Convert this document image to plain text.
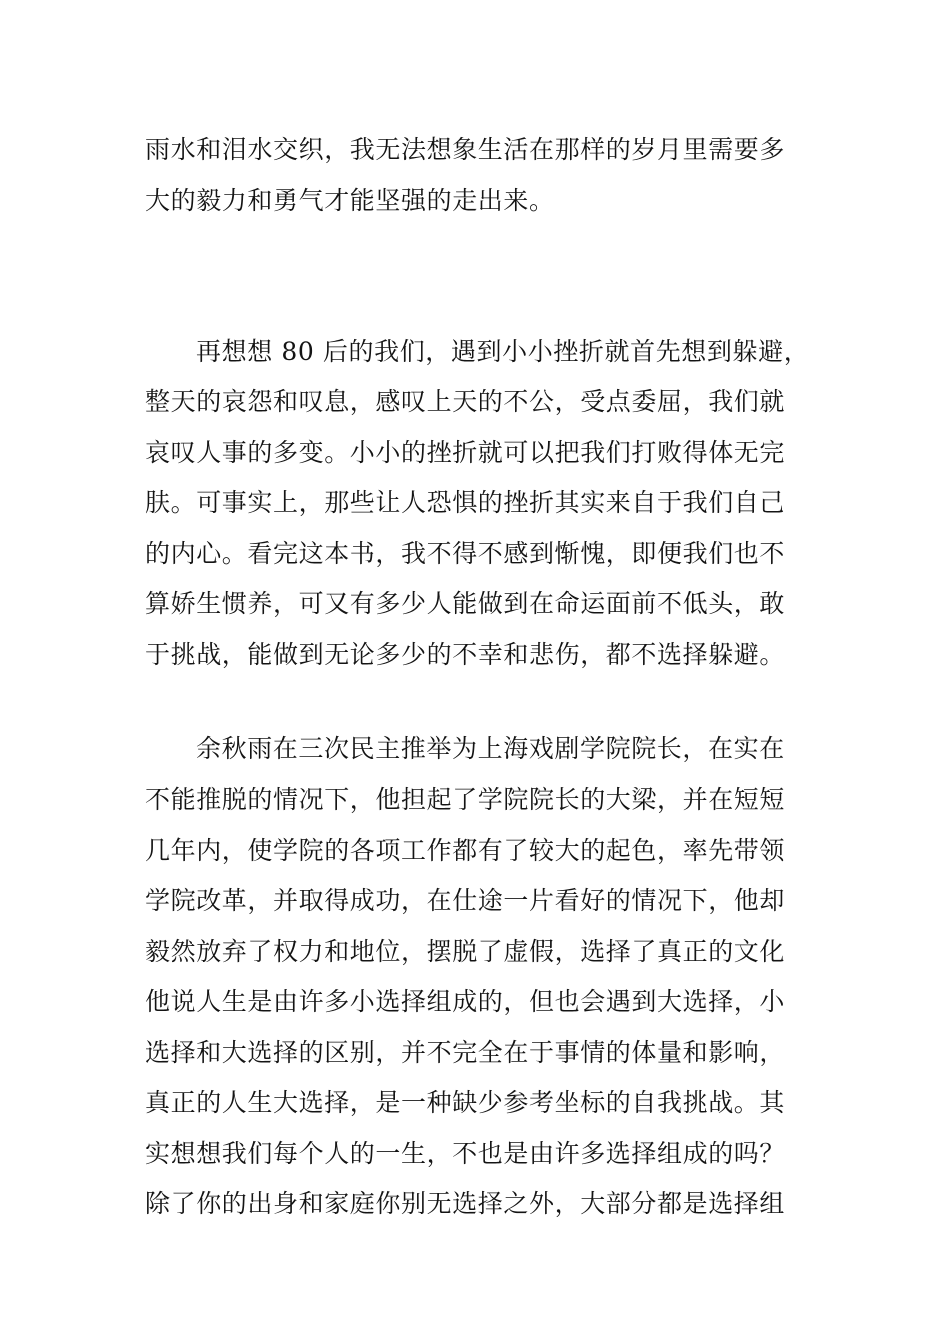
雨水和泪水交织，我无法想象生活在那样的岁月里需要多
大的毅力和勇气才能坚强的走出来。
再想想 80 后的我们，遇到小小挫折就首先想到躲避，
整天的哀怨和叹息，感叹上天的不公，受点委屈，我们就
哀叹人事的多变。小小的挫折就可以把我们打败得体无完
肤。可事实上，那些让人恐惧的挫折其实来自于我们自己
的内心。看完这本书，我不得不感到惭愧，即便我们也不
算娇生惯养，可又有多少人能做到在命运面前不低头，敢
于挑战，能做到无论多少的不幸和悲伤，都不选择躲避。
余秋雨在三次民主推举为上海戏剧学院院长，在实在
不能推脱的情况下，他担起了学院院长的大梁，并在短短
几年内，使学院的各项工作都有了较大的起色，率先带领
学院改革，并取得成功，在仕途一片看好的情况下，他却
毅然放弃了权力和地位，摆脱了虚假，选择了真正的文化
他说人生是由许多小选择组成的，但也会遇到大选择，小
选择和大选择的区别，并不完全在于事情的体量和影响，
真正的人生大选择，是一种缺少参考坐标的自我挑战。其
实想想我们每个人的一生，不也是由许多选择组成的吗？
除了你的出身和家庭你别无选择之外，大部分都是选择组
